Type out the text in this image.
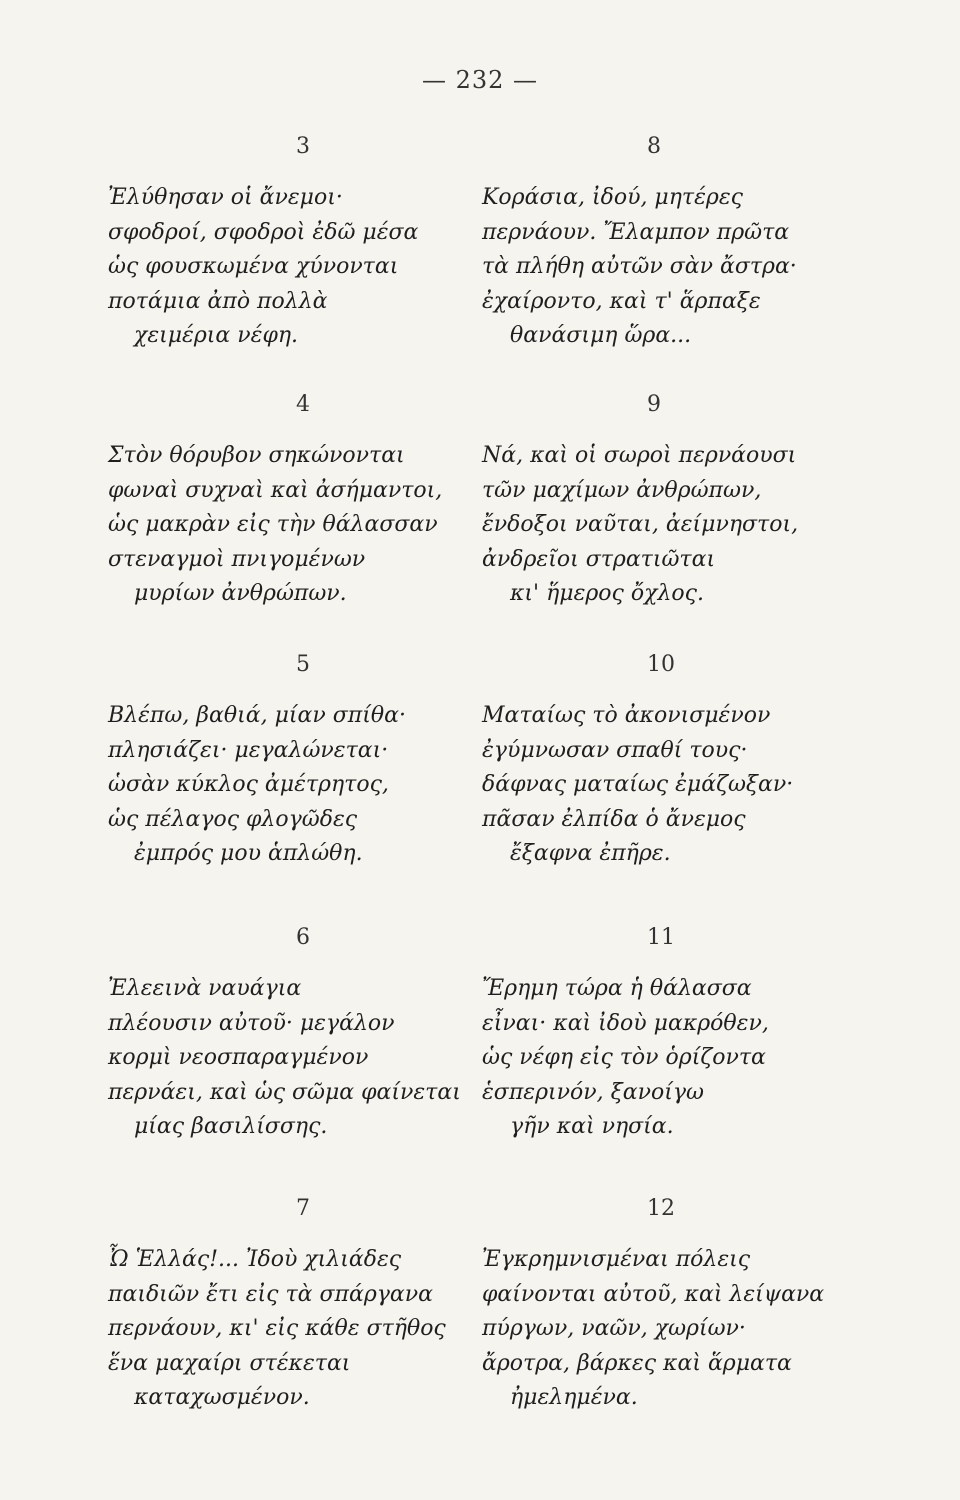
— 232 —
3
Ἐλύθησαν οἱ ἄνεμοι·
σφοδροί, σφοδροὶ ἐδῶ μέσα
ὡς φουσκωμένα χύνονται
ποτάμια ἀπὸ πολλὰ
χειμέρια νέφη.
8
Κοράσια, ἰδού, μητέρες
περνάουν. Ἔλαμπον πρῶτα
τὰ πλήθη αὐτῶν σὰν ἄστρα·
ἐχαίροντο, καὶ τ' ἅρπαξε
θανάσιμη ὥρα...
4
Στὸν θόρυβον σηκώνονται
φωναὶ συχναὶ καὶ ἀσήμαντοι,
ὡς μακρὰν εἰς τὴν θάλασσαν
στεναγμοὶ πνιγομένων
μυρίων ἀνθρώπων.
9
Νά, καὶ οἱ σωροὶ περνάουσι
τῶν μαχίμων ἀνθρώπων,
ἔνδοξοι ναῦται, ἀείμνηστοι,
ἀνδρεῖοι στρατιῶται
κι' ἥμερος ὄχλος.
5
Βλέπω, βαθιά, μίαν σπίθα·
πλησιάζει· μεγαλώνεται·
ὡσὰν κύκλος ἀμέτρητος,
ὡς πέλαγος φλογῶδες
ἐμπρός μου ἁπλώθη.
10
Ματαίως τὸ ἀκονισμένον
ἐγύμνωσαν σπαθί τους·
δάφνας ματαίως ἐμάζωξαν·
πᾶσαν ἐλπίδα ὁ ἄνεμος
ἔξαφνα ἐπῆρε.
6
Ἐλεεινὰ ναυάγια
πλέουσιν αὐτοῦ· μεγάλον
κορμὶ νεοσπαραγμένον
περνάει, καὶ ὡς σῶμα φαίνεται
μίας βασιλίσσης.
11
Ἔρημη τώρα ἡ θάλασσα
εἶναι· καὶ ἰδοὺ μακρόθεν,
ὡς νέφη εἰς τὸν ὁρίζοντα
ἑσπερινόν, ξανοίγω
γῆν καὶ νησία.
7
Ὦ Ἑλλάς!... Ἰδοὺ χιλιάδες
παιδιῶν ἔτι εἰς τὰ σπάργανα
περνάουν, κι' εἰς κάθε στῆθος
ἕνα μαχαίρι στέκεται
καταχωσμένον.
12
Ἐγκρημνισμέναι πόλεις
φαίνονται αὐτοῦ, καὶ λείψανα
πύργων, ναῶν, χωρίων·
ἄροτρα, βάρκες καὶ ἅρματα
ἠμελημένα.
